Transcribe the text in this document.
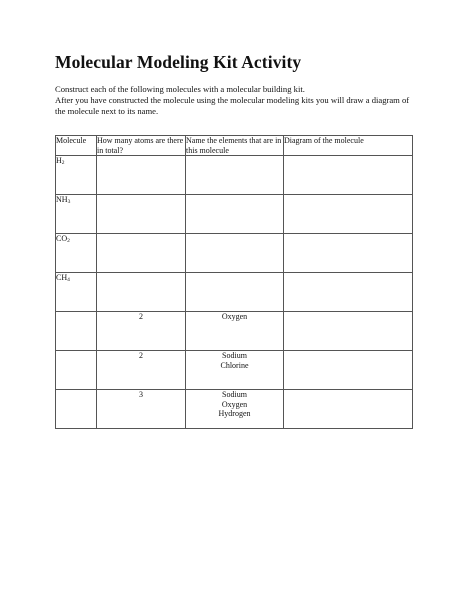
Molecular Modeling Kit Activity
Construct each of the following molecules with a molecular building kit.
After you have constructed the molecule using the molecular modeling kits you will draw a diagram of
the molecule next to its name.
Molecule	How many atoms are there in total?	Name the elements that are in this molecule	Diagram of the molecule
$H_2$			
$NH_3$			
$CO_2$			
$CH_4$			
	2	Oxygen	

	2	Sodium
Chlorine	

	3	Sodium
Oxygen
Hydrogen	
